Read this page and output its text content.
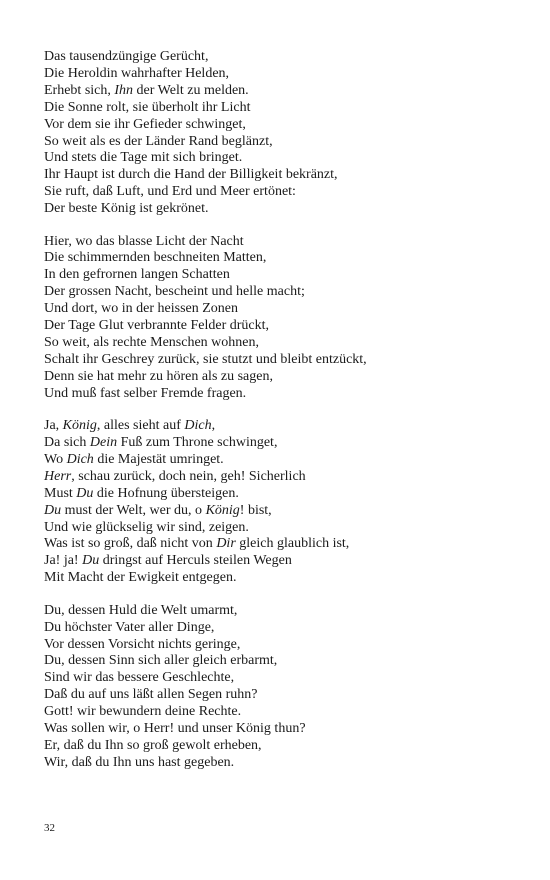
Das tausendzüngige Gerücht,
Die Heroldin wahrhafter Helden,
Erhebt sich, Ihn der Welt zu melden.
Die Sonne rolt, sie überholt ihr Licht
Vor dem sie ihr Gefieder schwinget,
So weit als es der Länder Rand beglänzt,
Und stets die Tage mit sich bringet.
Ihr Haupt ist durch die Hand der Billigkeit bekränzt,
Sie ruft, daß Luft, und Erd und Meer ertönet:
Der beste König ist gekrönet.
Hier, wo das blasse Licht der Nacht
Die schimmernden beschneiten Matten,
In den gefrornen langen Schatten
Der grossen Nacht, bescheint und helle macht;
Und dort, wo in der heissen Zonen
Der Tage Glut verbrannte Felder drückt,
So weit, als rechte Menschen wohnen,
Schalt ihr Geschrey zurück, sie stutzt und bleibt entzückt,
Denn sie hat mehr zu hören als zu sagen,
Und muß fast selber Fremde fragen.
Ja, König, alles sieht auf Dich,
Da sich Dein Fuß zum Throne schwinget,
Wo Dich die Majestät umringet.
Herr, schau zurück, doch nein, geh! Sicherlich
Must Du die Hofnung übersteigen.
Du must der Welt, wer du, o König! bist,
Und wie glückselig wir sind, zeigen.
Was ist so groß, daß nicht von Dir gleich glaublich ist,
Ja! ja! Du dringst auf Herculs steilen Wegen
Mit Macht der Ewigkeit entgegen.
Du, dessen Huld die Welt umarmt,
Du höchster Vater aller Dinge,
Vor dessen Vorsicht nichts geringe,
Du, dessen Sinn sich aller gleich erbarmt,
Sind wir das bessere Geschlechte,
Daß du auf uns läßt allen Segen ruhn?
Gott! wir bewundern deine Rechte.
Was sollen wir, o Herr! und unser König thun?
Er, daß du Ihn so groß gewolt erheben,
Wir, daß du Ihn uns hast gegeben.
32
